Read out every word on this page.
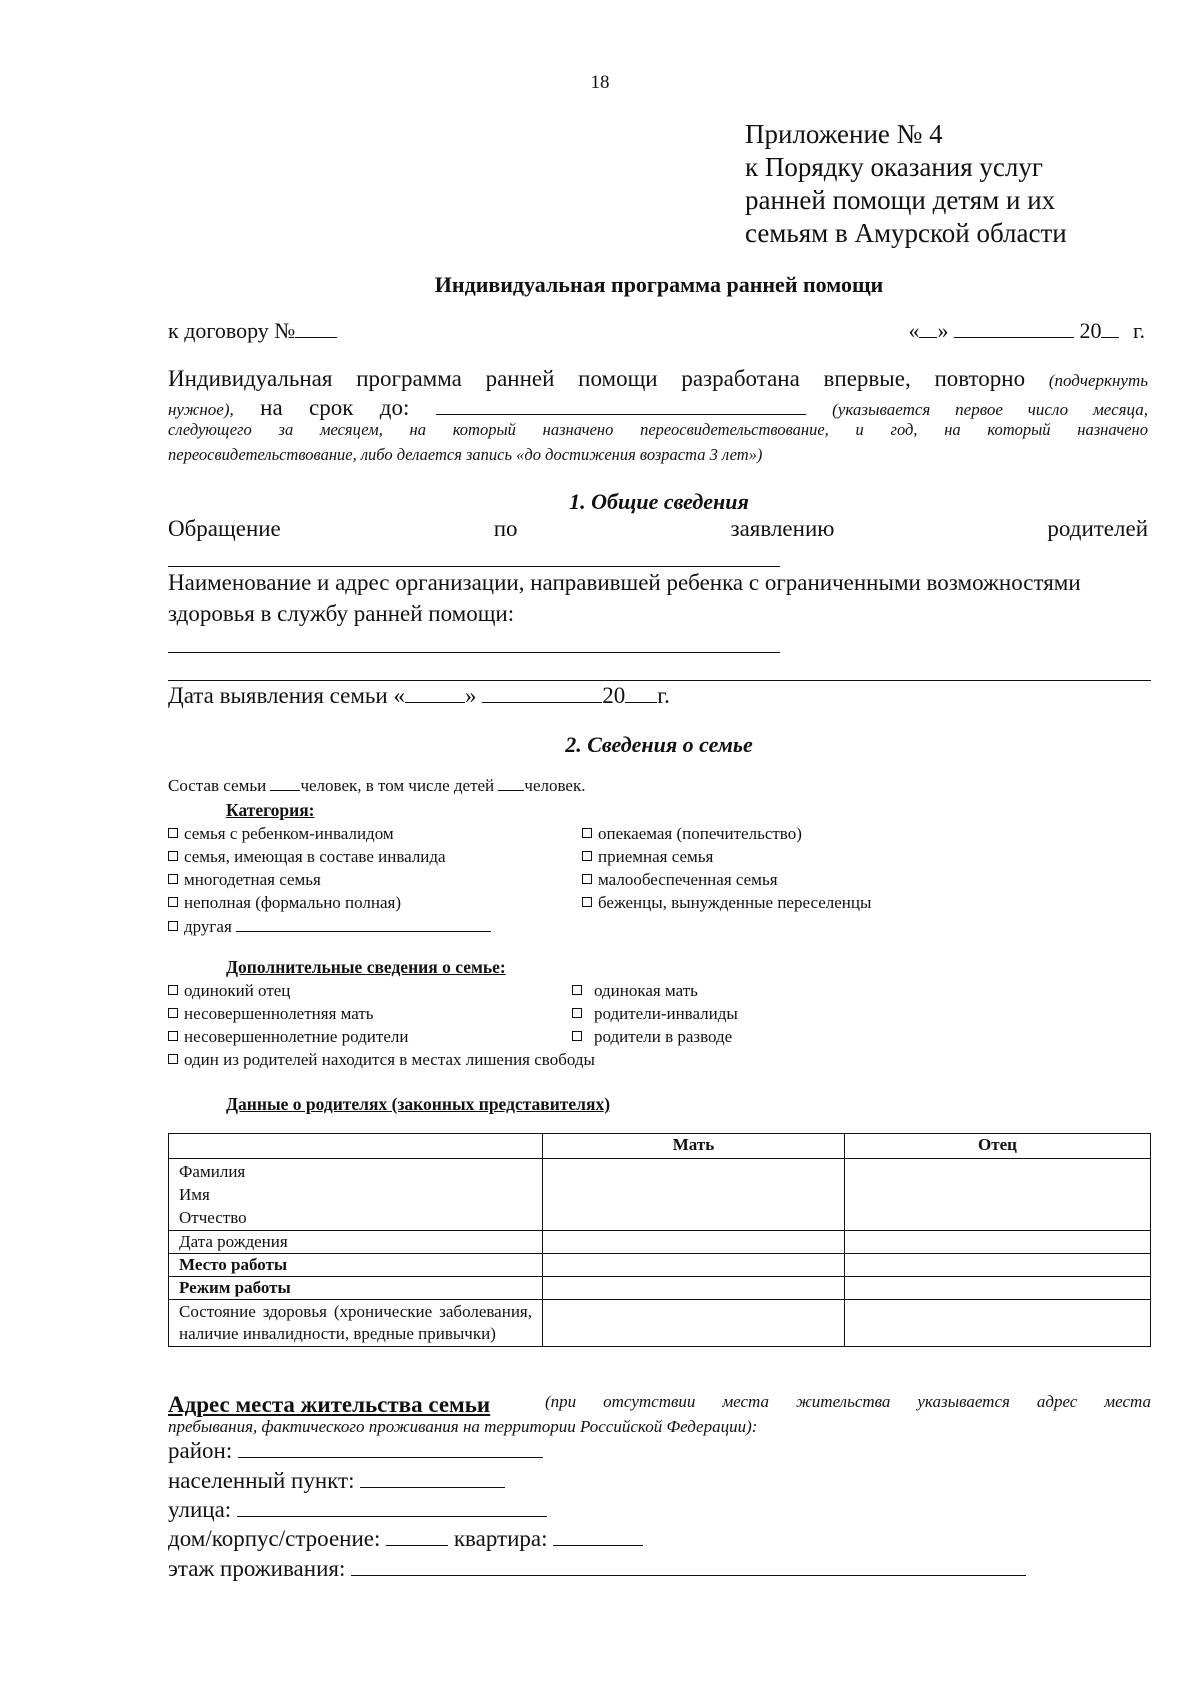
18
Приложение № 4
к Порядку оказания услуг
ранней помощи детям и их
семьям в Амурской области
Индивидуальная программа ранней помощи
к договору №	« »	20 г.
Индивидуальная программа ранней помощи разработана впервые, повторно (подчеркнуть
нужное), на срок до:	(указывается первое число месяца,
следующего за месяцем, на который назначено переосвидетельствование, и год, на который назначено
переосвидетельствование, либо делается запись «до достижения возраста 3 лет»)
1. Общие сведения
Обращение	по	заявлению	родителей
Наименование и адрес организации, направившей ребенка с ограниченными возможностями
здоровья в службу ранней помощи:
Дата выявления семьи «	»	20 г.
2. Сведения о семье
Состав семьи человек, в том числе детей человек.
Категория:
семья с ребенком-инвалидом
семья, имеющая в составе инвалида
многодетная семья
неполная (формально полная)
другая
опекаемая (попечительство)
приемная семья
малообеспеченная семья
беженцы, вынужденные переселенцы
Дополнительные сведения о семье:
одинокий отец
несовершеннолетняя мать
несовершеннолетние родители
один из родителей находится в местах лишения свободы
одинокая мать
родители-инвалиды
родители в разводе
Данные о родителях (законных представителях)
	Мать	Отец

Фамилия
Имя
Отчество		

Дата рождения		
Место работы		
Режим работы		
Состояние здоровья (хронические заболевания, наличие инвалидности, вредные привычки)		
Адрес места жительства семьи	(при отсутствии места жительства указывается адрес места
пребывания, фактического проживания на территории Российской Федерации):
район:
населенный пункт:
улица:
дом/корпус/строение:	квартира:
этаж проживания:
